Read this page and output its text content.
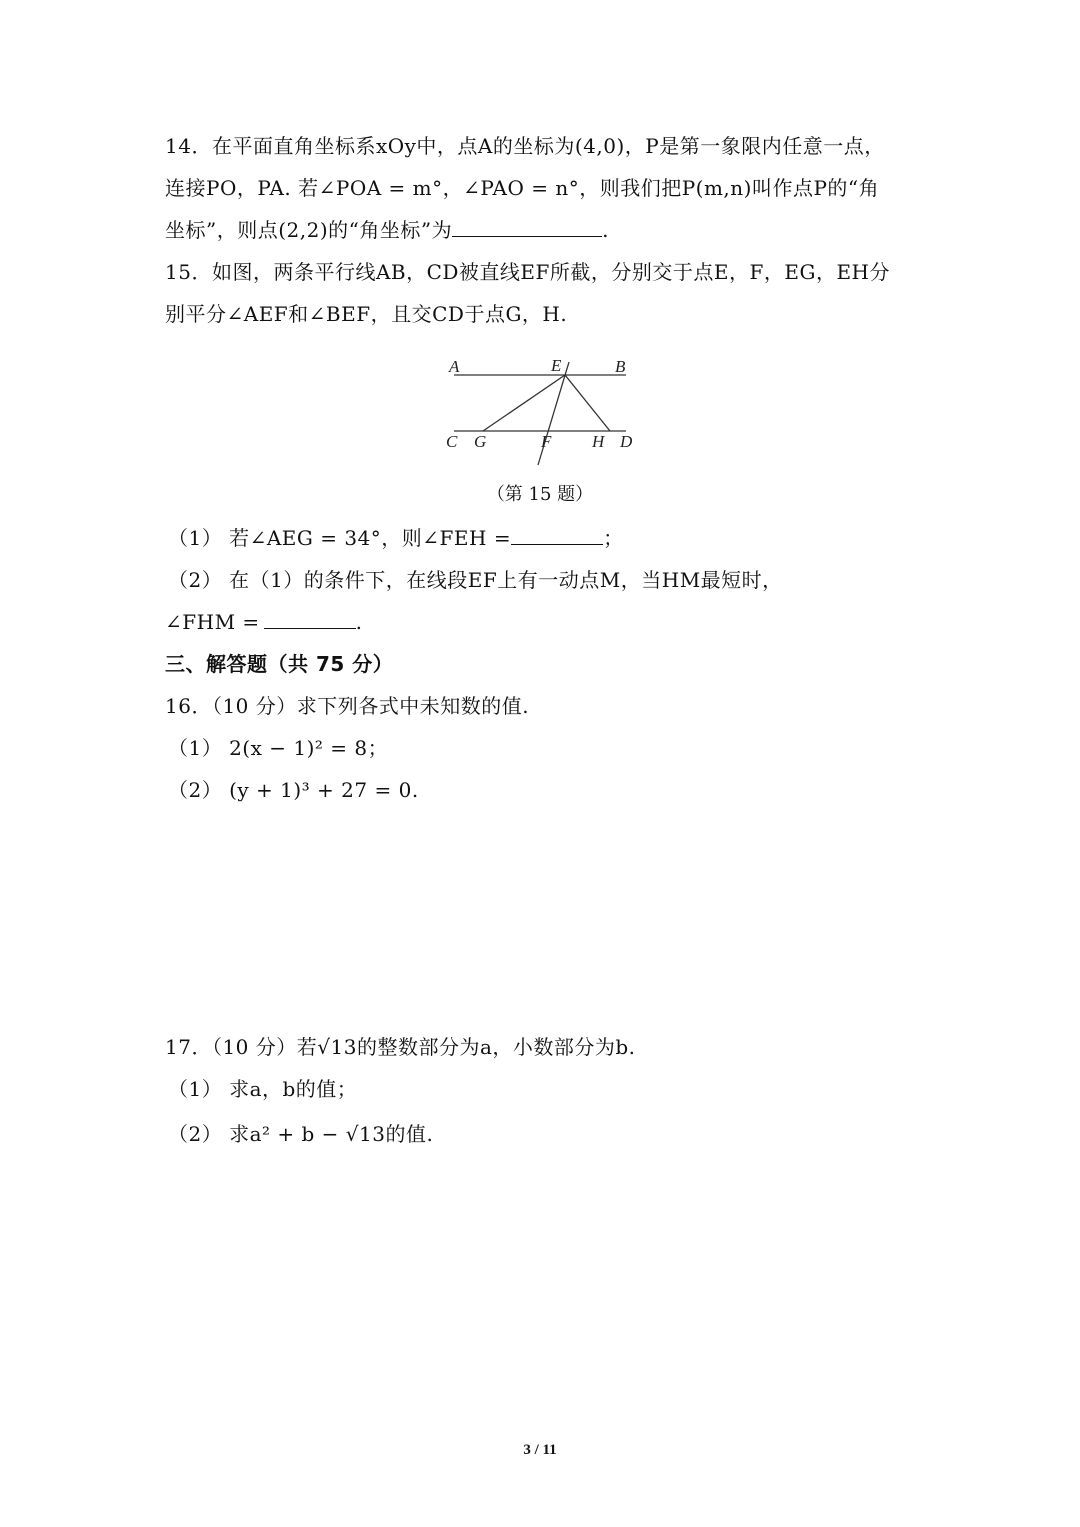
14．在平面直角坐标系xOy中，点A的坐标为(4,0)，P是第一象限内任意一点，
连接PO，PA. 若∠POA = m°，∠PAO = n°，则我们把P(m,n)叫作点P的“角
坐标”，则点(2,2)的“角坐标”为	.
15．如图，两条平行线AB，CD被直线EF所截，分别交于点E，F，EG，EH分
别平分∠AEF和∠BEF，且交CD于点G，H.
A	E	B
C G	F H D
（第 15 题）
（1） 若∠AEG = 34°，则∠FEH =	；
（2） 在（1）的条件下，在线段EF上有一动点M，当HM最短时，
∠FHM =	.
三、解答题（共 75 分）
16．（10 分）求下列各式中未知数的值.
（1） 2(x − 1)² = 8；
（2） (y + 1)³ + 27 = 0.
17．（10 分）若√13的整数部分为a，小数部分为b.
（1） 求a，b的值；
（2） 求a² + b − √13的值.
3 / 11
